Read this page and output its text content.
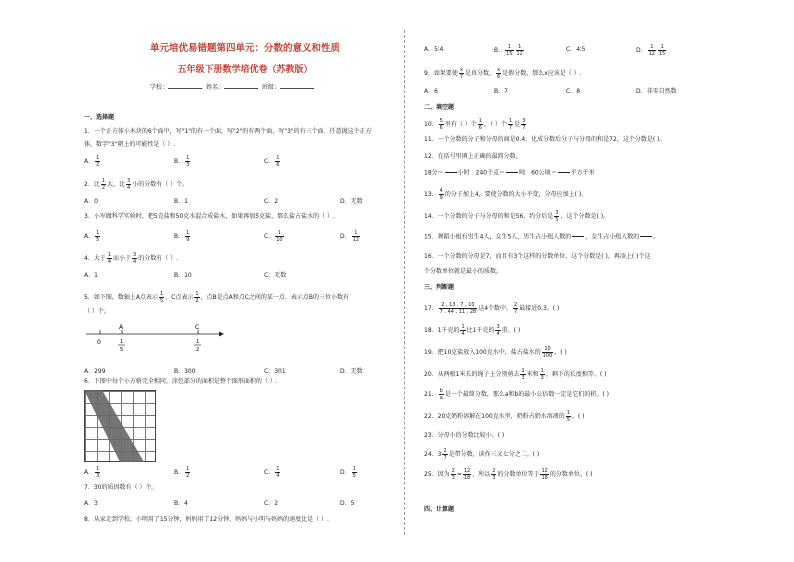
单元培优易错题第四单元：分数的意义和性质
五年级下册数学培优卷（苏教版）
学校：	姓名：	班级：
一、选择题
1．一个正方体小木块的6个面中，写"1"的有一个面，写"2"的有两个面，写"3"的有三个面．任意抛这个正方
体，数字"3"朝上的可能性是（ ）.
A． $\frac{1}{2}$	B． $\frac{1}{3}$	C． $\frac{1}{6}$
2．比 $\frac{1}{2}$ 大，比 $\frac{3}{4}$ 小的分数有（ ）个。
A．0	B．1	C．2	D．无数
3．小军做科学实验时，把5克盐和50克水混合成盐水，如果再加5克盐，那么盐占盐水的（ ）.
A． $\frac{1}{5}$	B． $\frac{1}{9}$	C． $\frac{1}{10}$	D． $\frac{1}{12}$
4．大于 $\frac{1}{4}$ 而小于 $\frac{3}{4}$ 的分数有（ ）.
A．1	B．10	C．无数
5．如下图，数轴上A点表示 $\frac{1}{5}$ ，C点表示 $\frac{1}{2}$ ，点B是点A和点C之间的某一点．表示点B的三位小数有
（ ）个。
0
A	C
1
5
1
2
A．299	B．300	C．301	D．无数
6．下图中每个小方格完全相同，涂色部分的面积是整个图形面积的（ ）.
A． $\frac{1}{3}$	B． $\frac{1}{2}$	C． $\frac{1}{4}$	D． $\frac{1}{5}$
7．30的质因数有（ ）个。
A．3	B．4	C．2	D．5
8．从家走到学校，小明用了15分钟，妈妈用了12分钟，妈妈与小明与妈妈的速度比是（ ）.
A．5∶4	B． $\frac{1}{15} \frac{1}{12}$	C．4∶5	D． $\frac{1}{12} \frac{1}{15}$
9．如果要使 $\frac{x}{7}$ 是真分数， $\frac{x}{6}$ 是假分数，那么x应该是（ ）.
A．6	B．7	C．8	D．非零自然数
二、填空题
10． $\frac{5}{6}$ 里有（ ）个 $\frac{1}{6}$ ，（ ）个 $\frac{1}{7}$ 是 $\frac{3}{7}$
11．一个分数的分子和分母的商是0.4，化成分数后分子与分母的和是72，这个分数是( )。
12．在括号里填上正确的最简分数。
18分＝ 小时　240千克＝ 吨　60公顷＝ 平方千米
13． $\frac{4}{9}$ 的分子加上4，要使分数的大小不变，分母应加上( )。
14．一个分数的分子与分母的和是56，约分后是 $\frac{3}{5}$ ，这个分数是( )。
15．舞蹈小组有男生4人，女生5人，男生占小组人数的 ，女生占小组人数的 。
16．一个分数的分母是7，而且有3个这样的分数单位，这个分数是( )，再添上( )个这
个分数单位就是最小的质数。
三、判断题
17． $\frac{2 , 13 , 7 , 10}{7 , 44 , 11 , 28}$ 这4个数中， $\frac{2}{7}$ 最接近0.3。( )
18．1千克的 $\frac{1}{4}$ 比1千克的 $\frac{3}{4}$ 重。( )
19．把10克盐放入100克水中，盐占盐水的 $\frac{10}{100}$ 。( )
20．从两根1米长的绳子上分别剪去 $\frac{1}{3}$ 米和 $\frac{1}{3}$ ，剩下的长度相等。( )
21． $\frac{b}{a}$ 是一个最简分数，那么a和b的最小公倍数一定是它们的积。( )
22．20克奶粉溶解在100克水里，奶粉占奶水溶液的 $\frac{1}{5}$ 。( )
23．分母小的分数比较小。( )
24．$3 \frac{2}{7}$ 是带分数，读作三又七分之二。( )
25．因为 $\frac{2}{3} = \frac{12}{18}$ ，所以 $\frac{2}{3}$ 的分数单位等于 $\frac{12}{18}$ 的分数单位。( )
四、计算题
